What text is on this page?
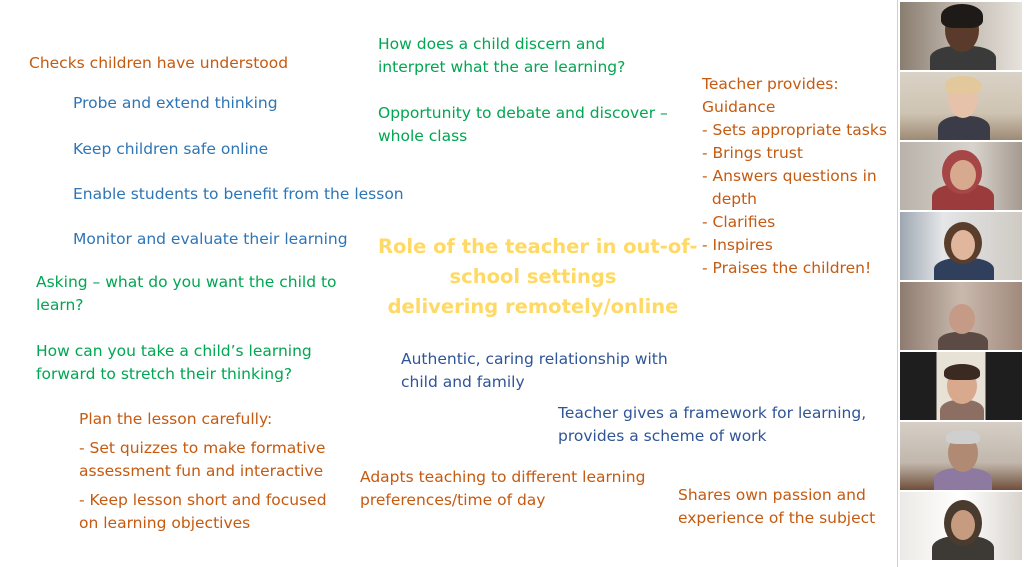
Checks children have understood
Probe and extend thinking
Keep children safe online
Enable students to benefit from the lesson
Monitor and evaluate their learning
Asking – what do you want the child to
learn?
How can you take a child’s learning
forward to stretch their thinking?
Plan the lesson carefully:
- Set quizzes to make formative
assessment fun and interactive
- Keep lesson short and focused
on learning objectives
How does a child discern and
interpret what the are learning?
Opportunity to debate and discover –
whole class
Role of the teacher in out-of-
school settings
delivering remotely/online
Authentic, caring relationship with
child and family
Teacher gives a framework for learning,
provides a scheme of work
Adapts teaching to different learning
preferences/time of day	Shares own passion and
experience of the subject
Teacher provides:
Guidance
- Sets appropriate tasks
- Brings trust
- Answers questions in
depth
- Clarifies
- Inspires
- Praises the children!
